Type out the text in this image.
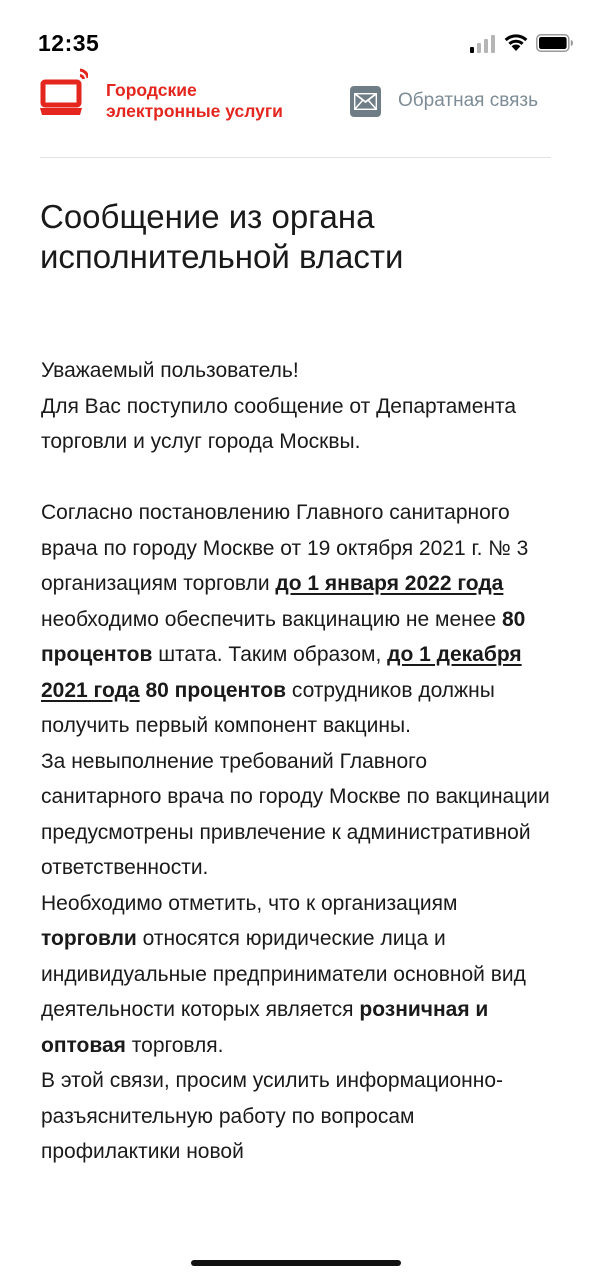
12:35
Городские
электронные услуги	Обратная связь
Сообщение из органа
исполнительной власти

Уважаемый пользователь!

Для Вас поступило сообщение от Департамента торговли и услуг города Москвы.

Согласно постановлению Главного санитарного врача по городу Москве от 19 октября 2021 г. № 3 организациям торговли до 1 января 2022 года необходимо обеспечить вакцинацию не менее 80 процентов штата. Таким образом, до 1 декабря 2021 года 80 процентов сотрудников должны получить первый компонент вакцины.

За невыполнение требований Главного санитарного врача по городу Москве по вакцинации предусмотрены привлечение к административной ответственности.

Необходимо отметить, что к организациям торговли относятся юридические лица и индивидуальные предприниматели основной вид деятельности которых является розничная и оптовая торговля.

В этой связи, просим усилить информационно-разъяснительную работу по вопросам профилактики новой
